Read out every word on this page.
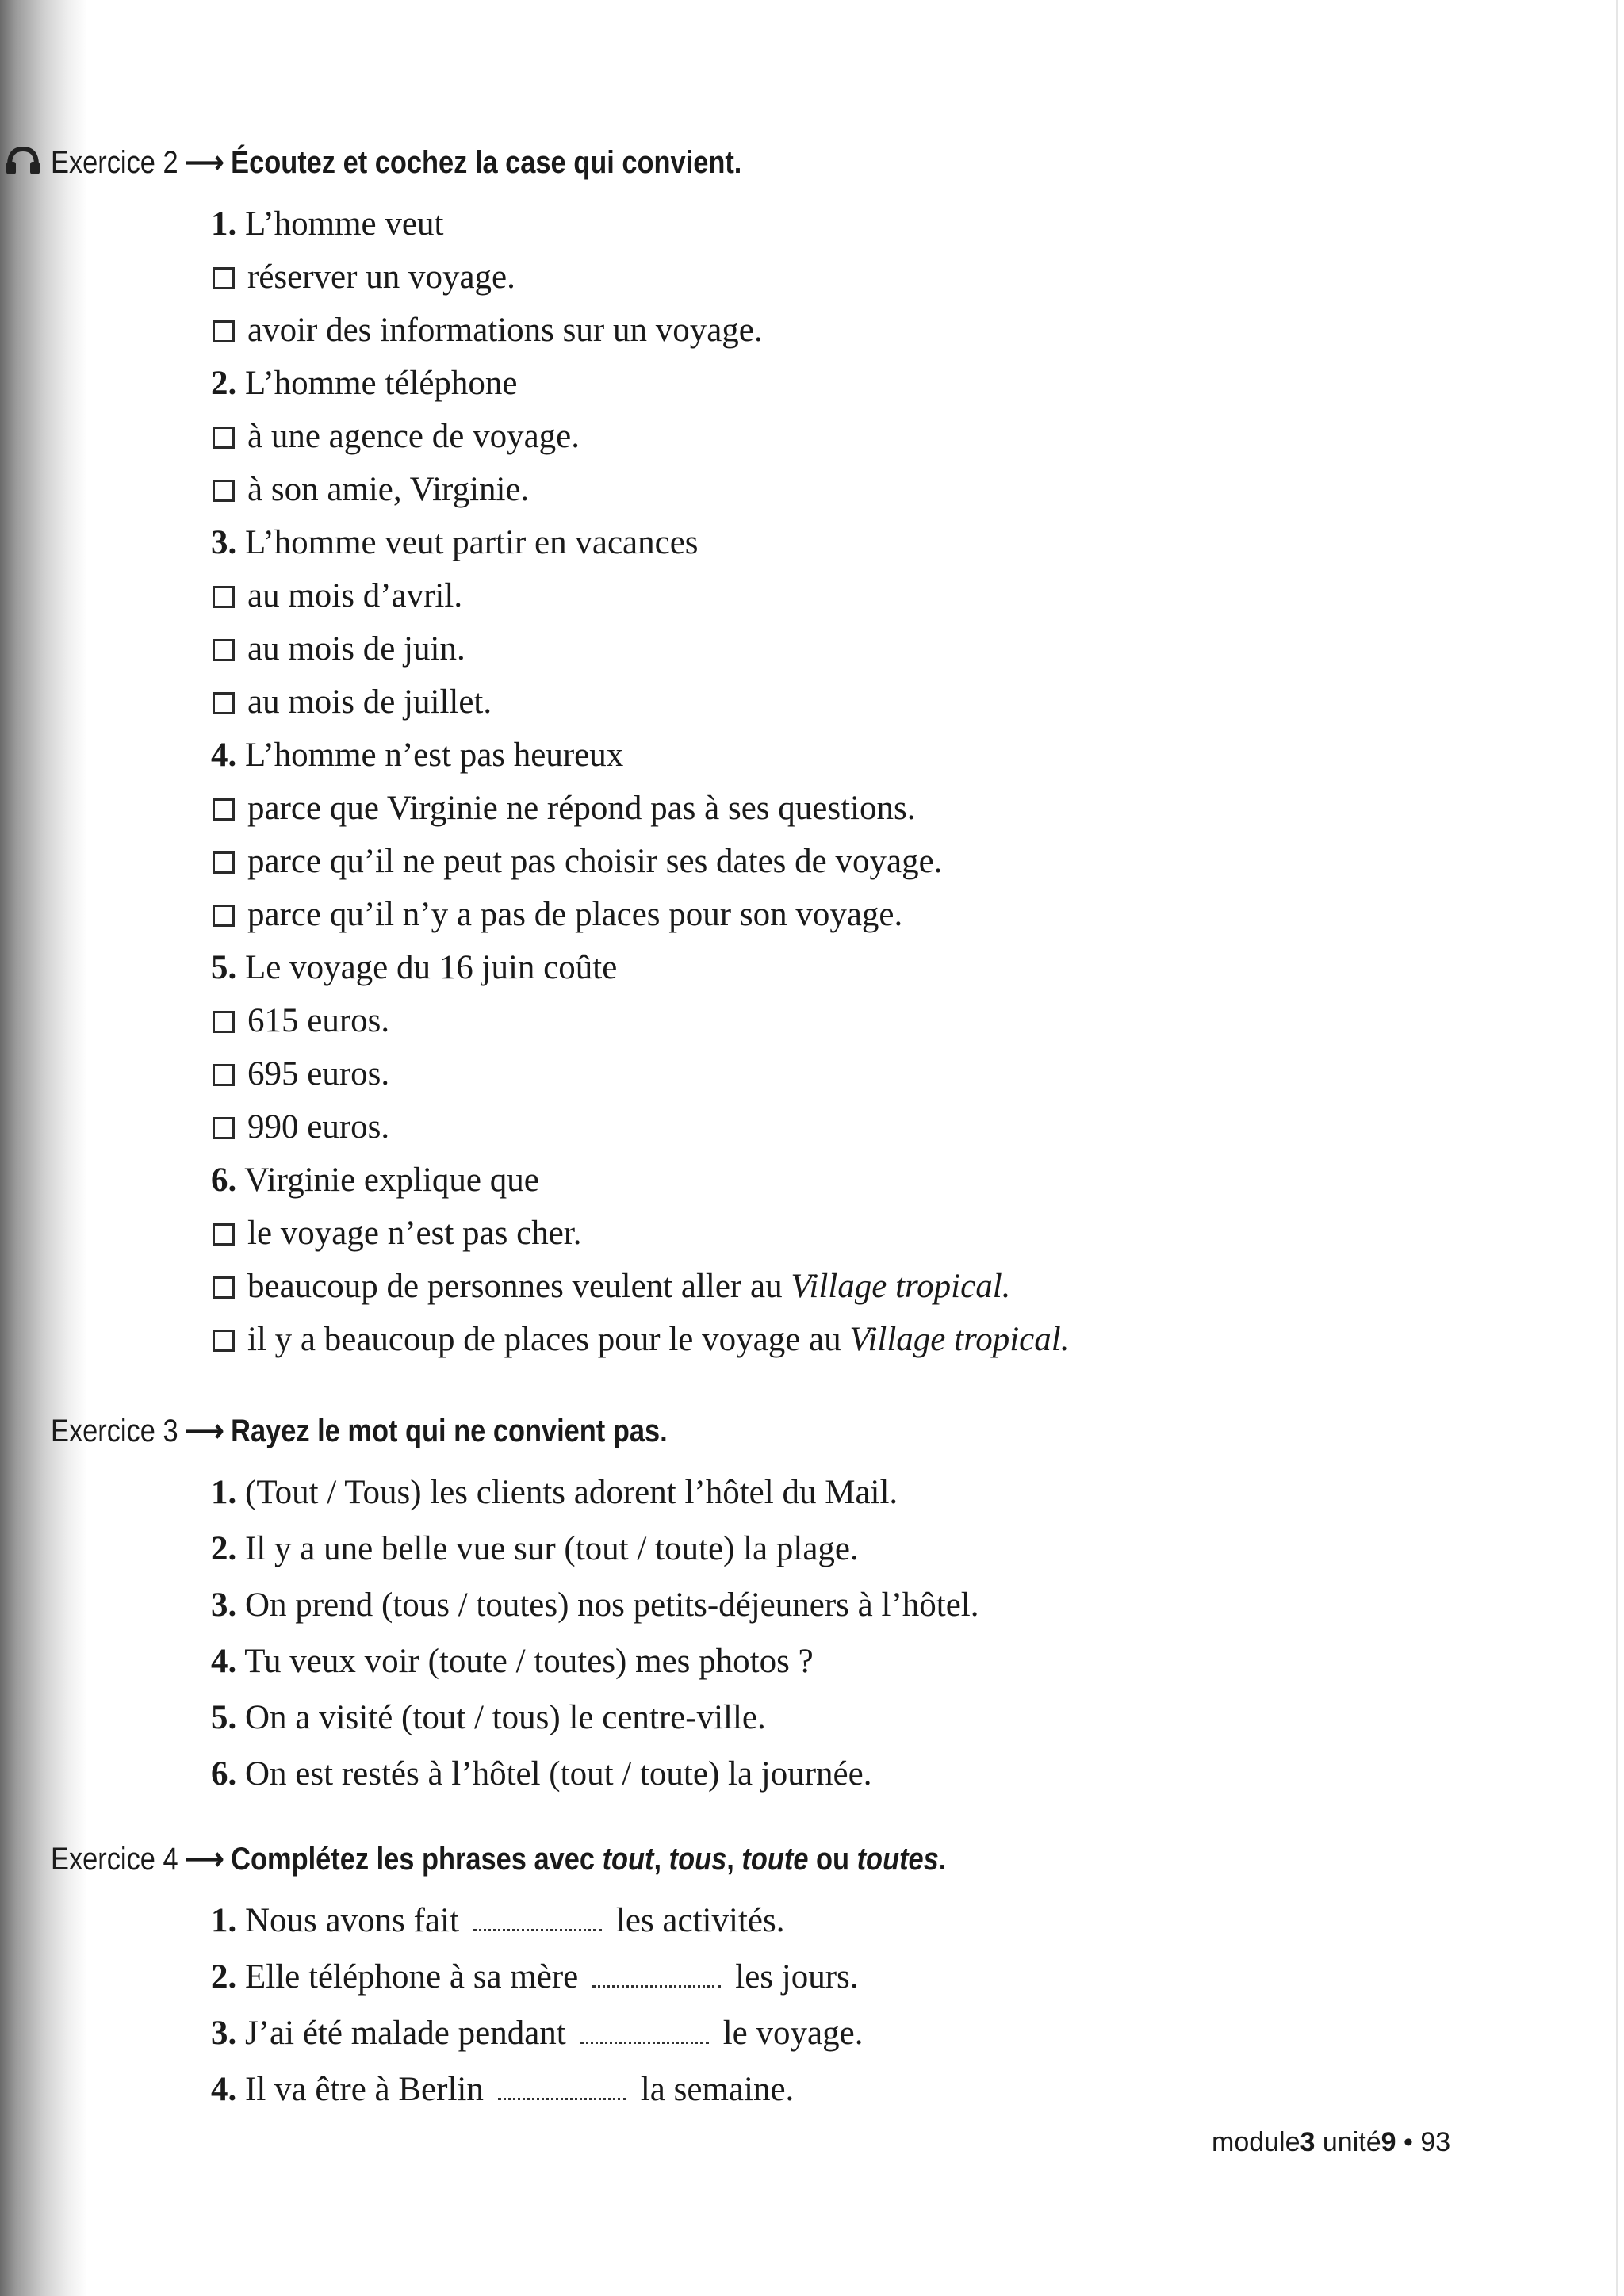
Exercice 2 ⟶ Écoutez et cochez la case qui convient.
1. L’homme veut
réserver un voyage.
avoir des informations sur un voyage.
2. L’homme téléphone
à une agence de voyage.
à son amie, Virginie.
3. L’homme veut partir en vacances
au mois d’avril.
au mois de juin.
au mois de juillet.
4. L’homme n’est pas heureux
parce que Virginie ne répond pas à ses questions.
parce qu’il ne peut pas choisir ses dates de voyage.
parce qu’il n’y a pas de places pour son voyage.
5. Le voyage du 16 juin coûte
615 euros.
695 euros.
990 euros.
6. Virginie explique que
le voyage n’est pas cher.
beaucoup de personnes veulent aller au Village tropical.
il y a beaucoup de places pour le voyage au Village tropical.
Exercice 3 ⟶ Rayez le mot qui ne convient pas.
1. (Tout / Tous) les clients adorent l’hôtel du Mail.
2. Il y a une belle vue sur (tout / toute) la plage.
3. On prend (tous / toutes) nos petits-déjeuners à l’hôtel.
4. Tu veux voir (toute / toutes) mes photos ?
5. On a visité (tout / tous) le centre-ville.
6. On est restés à l’hôtel (tout / toute) la journée.
Exercice 4 ⟶ Complétez les phrases avec tout, tous, toute ou toutes.
1. Nous avons fait	les activités.
2. Elle téléphone à sa mère	les jours.
3. J’ai été malade pendant	le voyage.
4. Il va être à Berlin	la semaine.
module3 unité9 • 93
